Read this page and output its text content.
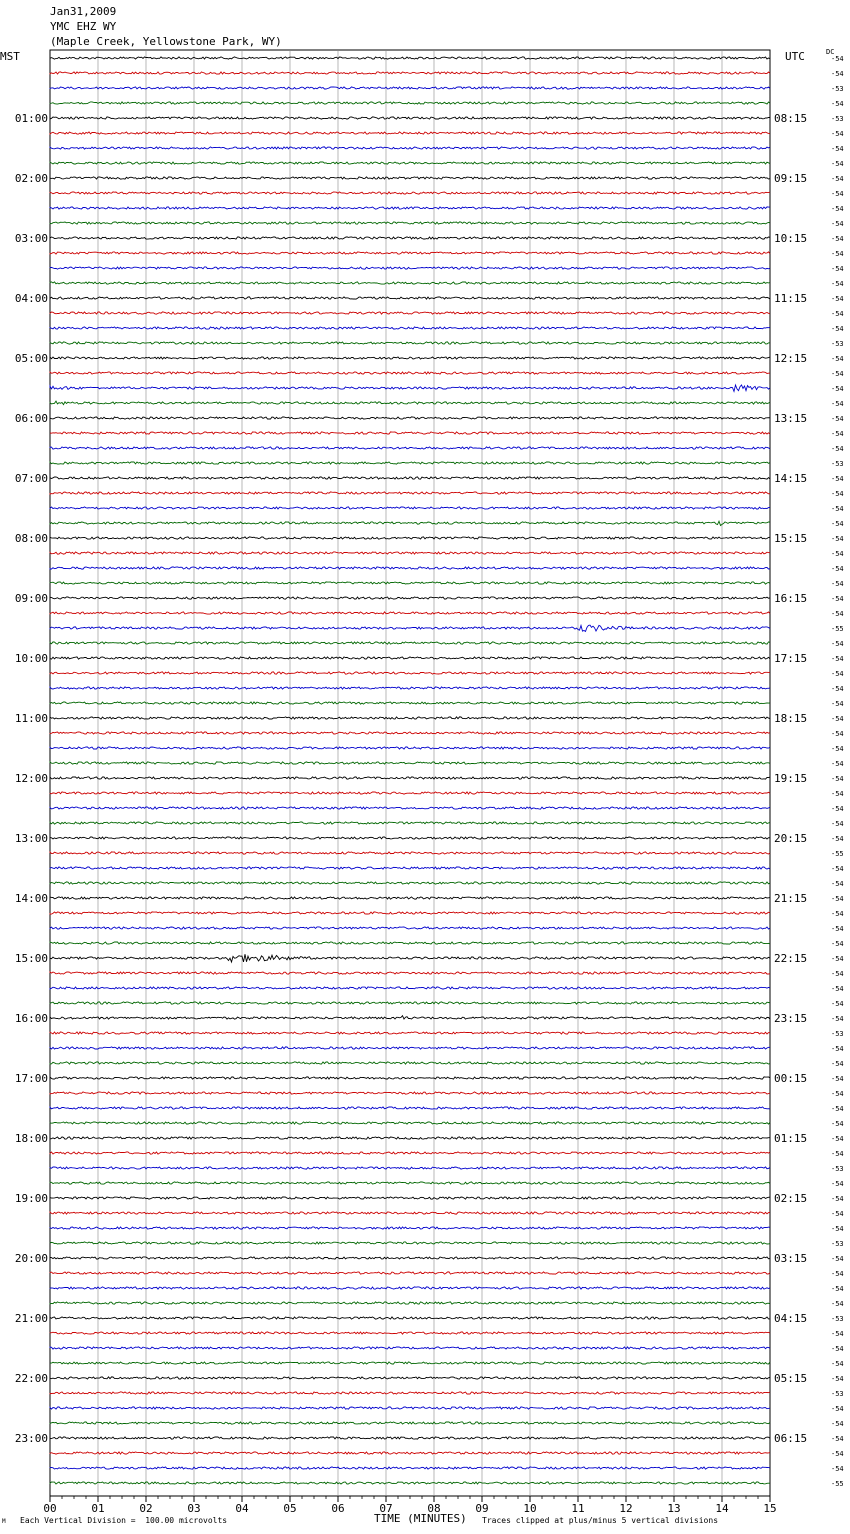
Jan31,2009
YMC EHZ WY
(Maple Creek, Yellowstone Park, WY)
MST	UTC	DC
M Each Vertical Division =  100.00 microvolts	TIME (MINUTES) Traces clipped at plus/minus 5 vertical divisions
00	01	02	03	04	05	06	07	08	09	10	11	12	13	14	15
01:00
02:00
03:00
04:00
05:00
06:00
07:00
08:00
09:00
10:00
11:00
12:00
13:00
14:00
15:00
16:00
17:00
18:00
19:00
20:00
21:00
22:00
23:00
08:15
09:15
10:15
11:15
12:15
13:15
14:15
15:15
16:15
17:15
18:15
19:15
20:15
21:15
22:15
23:15
00:15
01:15
02:15
03:15
04:15
05:15
06:15
-54
-54
-53
-54
-53
-54
-54
-54
-54
-54
-54
-54
-54
-54
-54
-54
-54
-54
-54
-53
-54
-54
-54
-54
-54
-54
-54
-53
-54
-54
-54
-54
-54
-54
-54
-54
-54
-54
-55
-54
-54
-54
-54
-54
-54
-54
-54
-54
-54
-54
-54
-54
-54
-55
-54
-54
-54
-54
-54
-54
-54
-54
-54
-54
-54
-53
-54
-54
-54
-54
-54
-54
-54
-54
-53
-54
-54
-54
-54
-53
-54
-54
-54
-54
-53
-54
-54
-54
-54
-53
-54
-54
-54
-54
-54
-55
